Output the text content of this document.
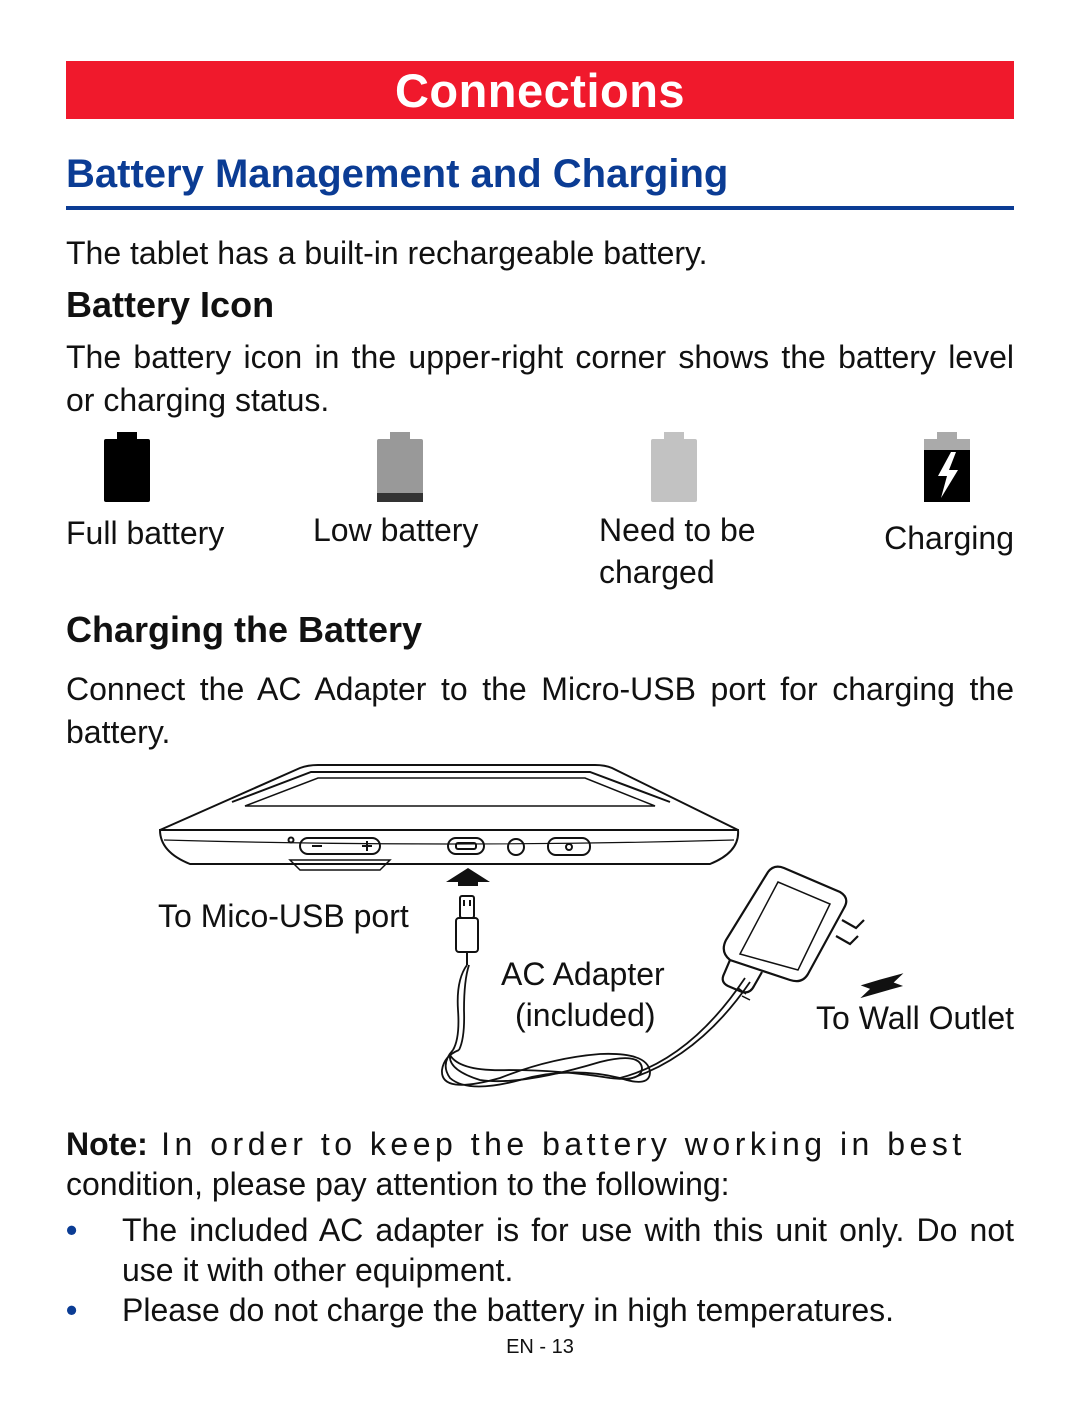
Connections
Battery Management and Charging
The tablet has a built-in rechargeable battery.
Battery Icon
The battery icon in the upper-right corner shows the battery level or charging status.
Full battery	Low battery	Need to be
charged
Charging
Charging the Battery
Connect the AC Adapter to the Micro-USB port for charging the battery.
To Mico-USB port
AC Adapter
(included)	To Wall Outlet
Note: In order to keep the battery working in best
condition, please pay attention to the following:
• The included AC adapter is for use with this unit only. Do not use it with other equipment.
• Please do not charge the battery in high temperatures.
EN - 13
